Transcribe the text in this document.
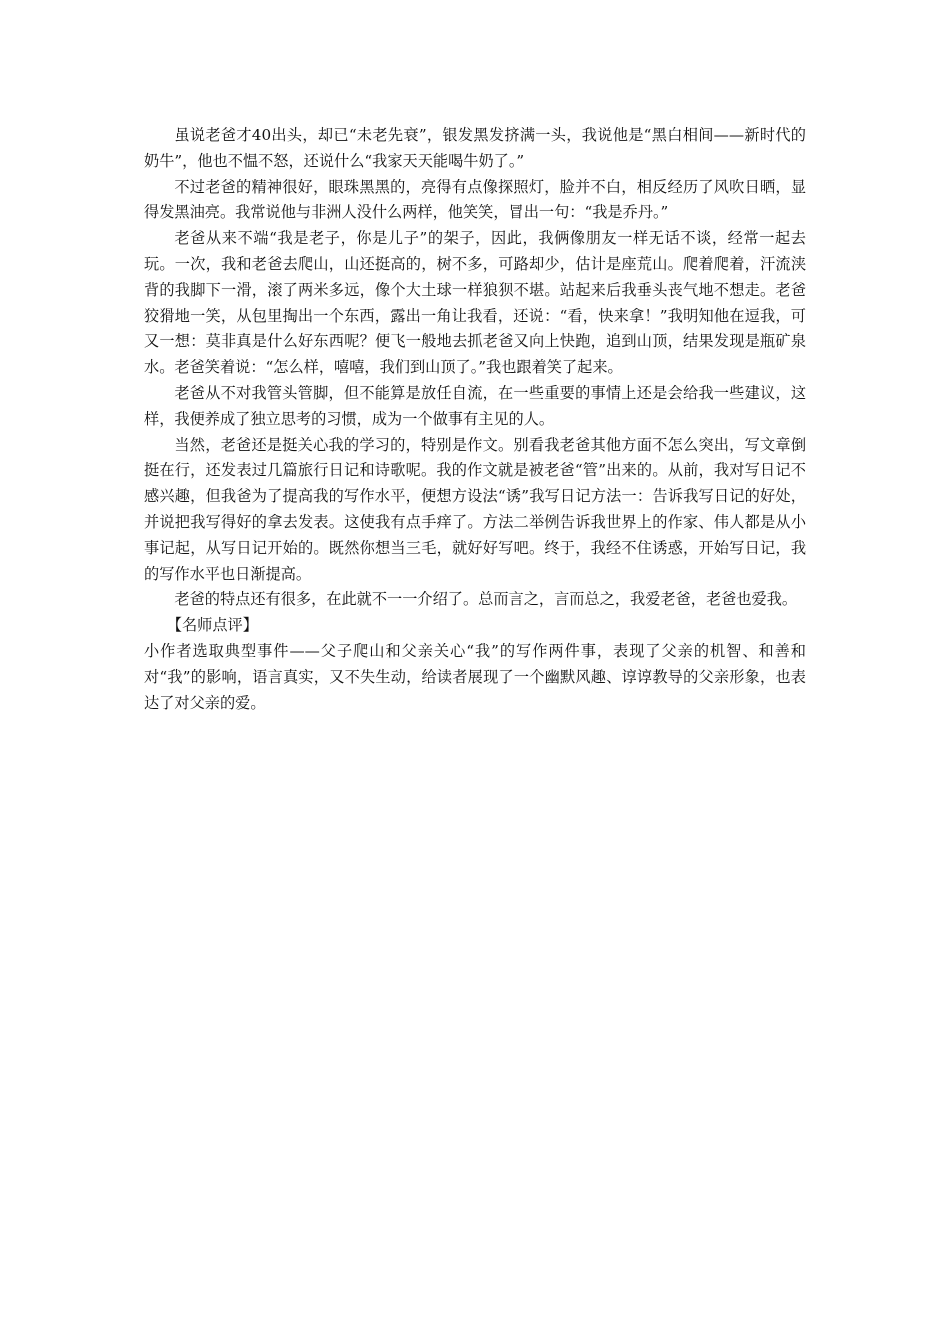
虽说老爸才40出头，却已“未老先衰”，银发黑发挤满一头，我说他是“黑白相间——新时代的奶牛”，他也不愠不怒，还说什么“我家天天能喝牛奶了。”

不过老爸的精神很好，眼珠黑黑的，亮得有点像探照灯，脸并不白，相反经历了风吹日晒，显得发黑油亮。我常说他与非洲人没什么两样，他笑笑，冒出一句：“我是乔丹。”

老爸从来不端“我是老子，你是儿子”的架子，因此，我俩像朋友一样无话不谈，经常一起去玩。一次，我和老爸去爬山，山还挺高的，树不多，可路却少，估计是座荒山。爬着爬着，汗流浃背的我脚下一滑，滚了两米多远，像个大土球一样狼狈不堪。站起来后我垂头丧气地不想走。老爸狡猾地一笑，从包里掏出一个东西，露出一角让我看，还说：“看，快来拿！”我明知他在逗我，可又一想：莫非真是什么好东西呢？便飞一般地去抓老爸又向上快跑，追到山顶，结果发现是瓶矿泉水。老爸笑着说：“怎么样，嘻嘻，我们到山顶了。”我也跟着笑了起来。

老爸从不对我管头管脚，但不能算是放任自流，在一些重要的事情上还是会给我一些建议，这样，我便养成了独立思考的习惯，成为一个做事有主见的人。

当然，老爸还是挺关心我的学习的，特别是作文。别看我老爸其他方面不怎么突出，写文章倒挺在行，还发表过几篇旅行日记和诗歌呢。我的作文就是被老爸“管”出来的。从前，我对写日记不感兴趣，但我爸为了提高我的写作水平，便想方设法“诱”我写日记方法一：告诉我写日记的好处，并说把我写得好的拿去发表。这使我有点手痒了。方法二举例告诉我世界上的作家、伟人都是从小事记起，从写日记开始的。既然你想当三毛，就好好写吧。终于，我经不住诱惑，开始写日记，我的写作水平也日渐提高。

老爸的特点还有很多，在此就不一一介绍了。总而言之，言而总之，我爱老爸，老爸也爱我。

【名师点评】

小作者选取典型事件——父子爬山和父亲关心“我”的写作两件事，表现了父亲的机智、和善和对“我”的影响，语言真实，又不失生动，给读者展现了一个幽默风趣、谆谆教导的父亲形象，也表达了对父亲的爱。
